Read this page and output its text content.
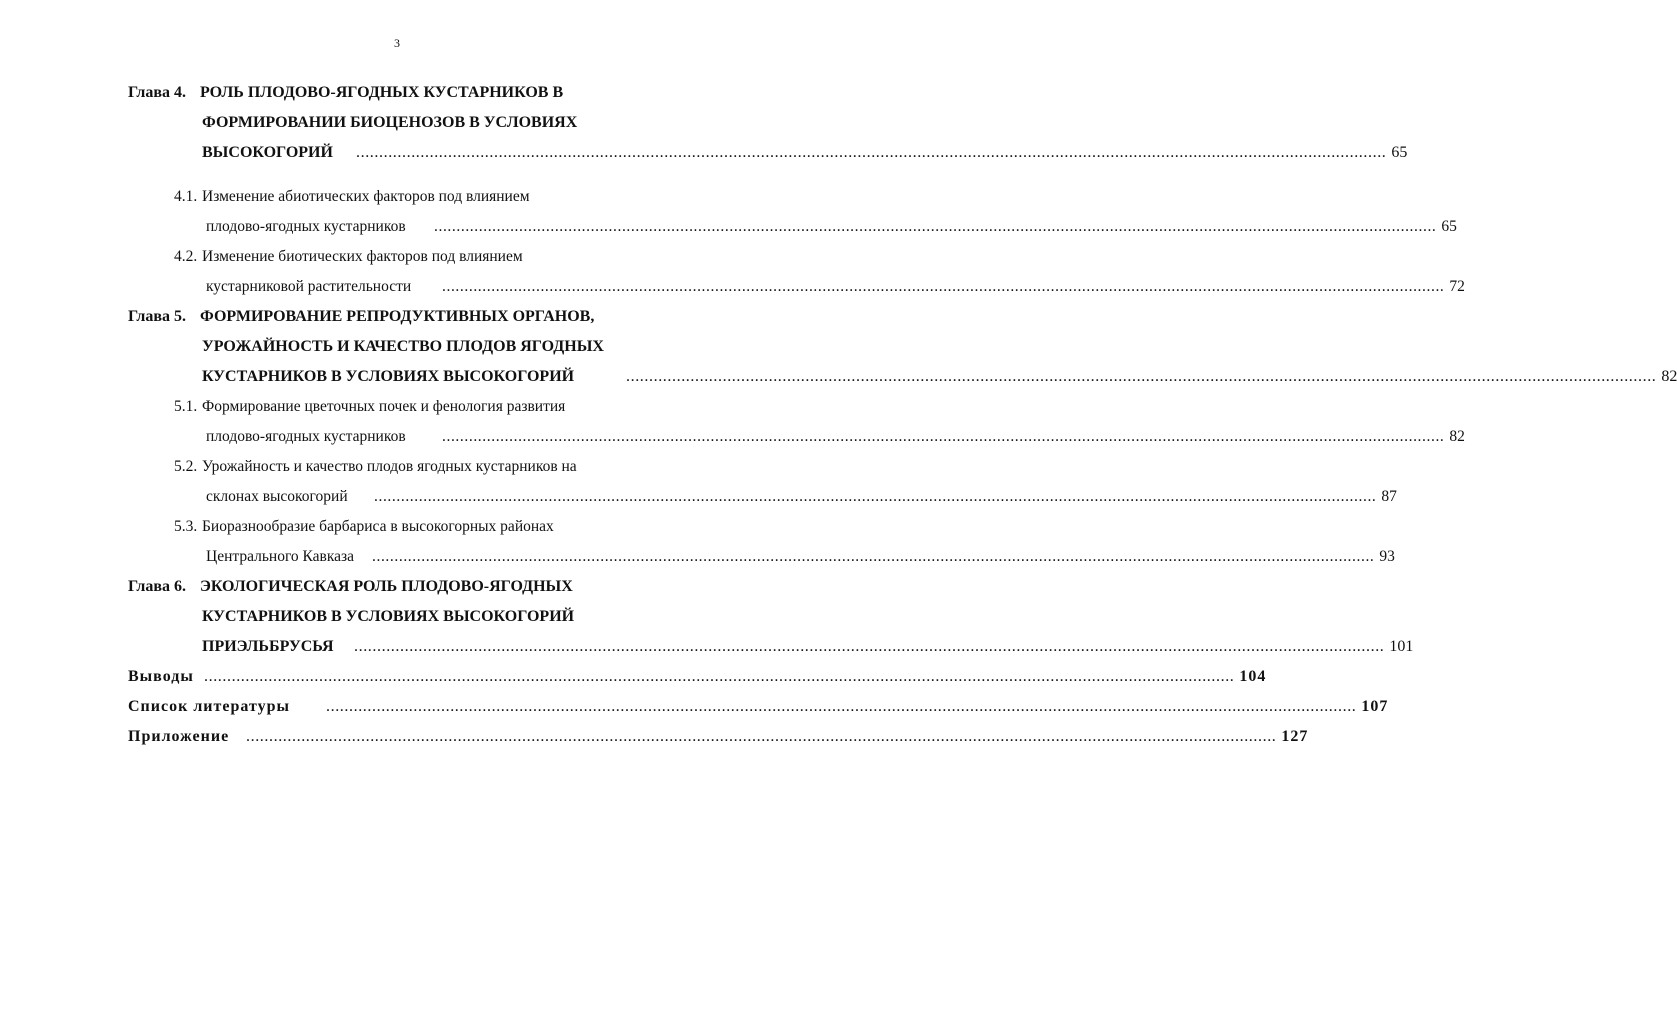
3
Глава 4. РОЛЬ ПЛОДОВО-ЯГОДНЫХ КУСТАРНИКОВ В
ФОРМИРОВАНИИ БИОЦЕНОЗОВ В УСЛОВИЯХ
ВЫСОКОГОРИЙ ................................................................................................................................................................................................................................ 65
4.1. Изменение абиотических факторов под влиянием
плодово-ягодных кустарников ................................................................................................................................................................................................................................ 65
4.2. Изменение биотических факторов под влиянием
кустарниковой растительности ................................................................................................................................................................................................................................ 72
Глава 5. ФОРМИРОВАНИЕ РЕПРОДУКТИВНЫХ ОРГАНОВ,
УРОЖАЙНОСТЬ И КАЧЕСТВО ПЛОДОВ ЯГОДНЫХ
КУСТАРНИКОВ В УСЛОВИЯХ ВЫСОКОГОРИЙ	................................................................................................................................................................................................................................ 82
5.1. Формирование цветочных почек и фенология развития
плодово-ягодных кустарников ................................................................................................................................................................................................................................ 82
5.2. Урожайность и качество плодов ягодных кустарников на
склонах высокогорий ................................................................................................................................................................................................................................ 87
5.3. Биоразнообразие барбариса в высокогорных районах
Центрального Кавказа ................................................................................................................................................................................................................................ 93
Глава 6. ЭКОЛОГИЧЕСКАЯ РОЛЬ ПЛОДОВО-ЯГОДНЫХ
КУСТАРНИКОВ В УСЛОВИЯХ ВЫСОКОГОРИЙ
ПРИЭЛЬБРУСЬЯ ................................................................................................................................................................................................................................ 101
Выводы ................................................................................................................................................................................................................................ 104
Список литературы ................................................................................................................................................................................................................................ 107
Приложение ................................................................................................................................................................................................................................ 127
